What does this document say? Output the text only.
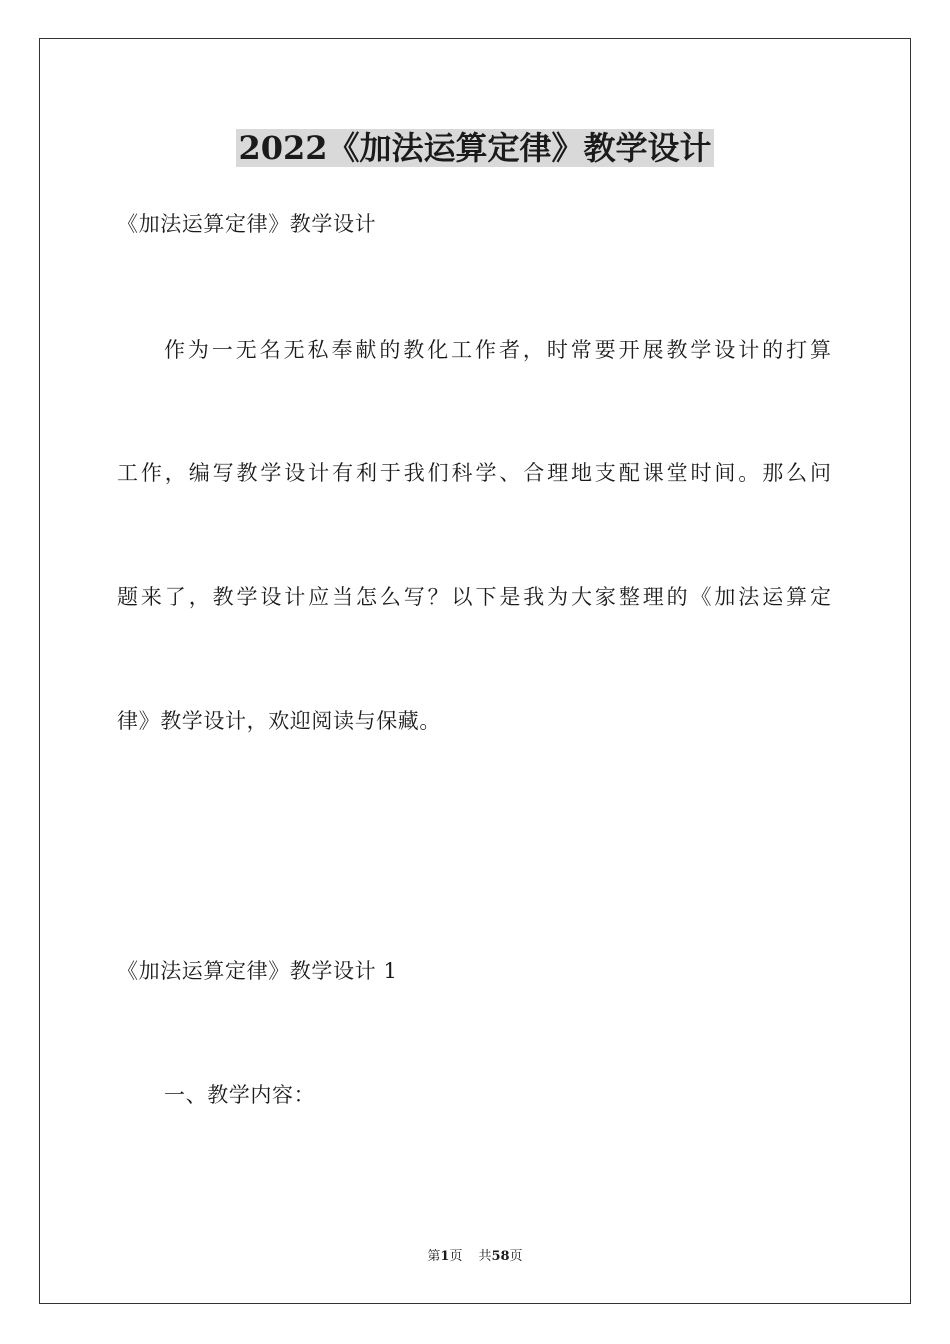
2022《加法运算定律》教学设计
《加法运算定律》教学设计
作为一无名无私奉献的教化工作者，时常要开展教学设计的打算
工作，编写教学设计有利于我们科学、合理地支配课堂时间。那么问
题来了，教学设计应当怎么写？以下是我为大家整理的《加法运算定
律》教学设计，欢迎阅读与保藏。
《加法运算定律》教学设计 1
一、教学内容：
第1页 共58页
